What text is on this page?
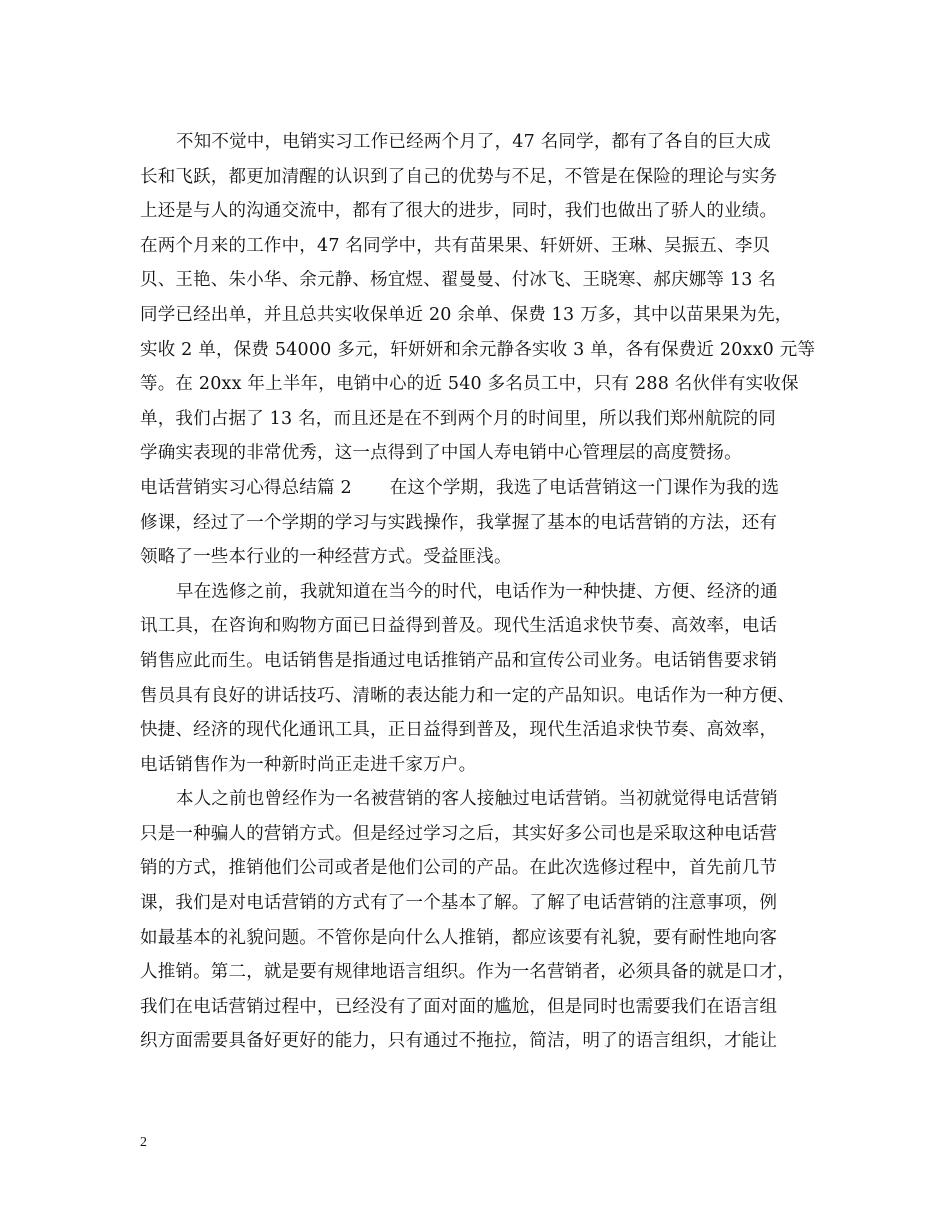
不知不觉中，电销实习工作已经两个月了，47 名同学，都有了各自的巨大成
长和飞跃，都更加清醒的认识到了自己的优势与不足，不管是在保险的理论与实务
上还是与人的沟通交流中，都有了很大的进步，同时，我们也做出了骄人的业绩。
在两个月来的工作中，47 名同学中，共有苗果果、轩妍妍、王琳、吴振五、李贝
贝、王艳、朱小华、余元静、杨宜煜、翟曼曼、付冰飞、王晓寒、郝庆娜等 13 名
同学已经出单，并且总共实收保单近 20 余单、保费 13 万多，其中以苗果果为先，
实收 2 单，保费 54000 多元，轩妍妍和余元静各实收 3 单，各有保费近 20xx0 元等
等。在 20xx 年上半年，电销中心的近 540 多名员工中，只有 288 名伙伴有实收保
单，我们占据了 13 名，而且还是在不到两个月的时间里，所以我们郑州航院的同
学确实表现的非常优秀，这一点得到了中国人寿电销中心管理层的高度赞扬。
电话营销实习心得总结篇 2 在这个学期，我选了电话营销这一门课作为我的选
修课，经过了一个学期的学习与实践操作，我掌握了基本的电话营销的方法，还有
领略了一些本行业的一种经营方式。受益匪浅。
早在选修之前，我就知道在当今的时代，电话作为一种快捷、方便、经济的通
讯工具，在咨询和购物方面已日益得到普及。现代生活追求快节奏、高效率，电话
销售应此而生。电话销售是指通过电话推销产品和宣传公司业务。电话销售要求销
售员具有良好的讲话技巧、清晰的表达能力和一定的产品知识。电话作为一种方便、
快捷、经济的现代化通讯工具，正日益得到普及，现代生活追求快节奏、高效率，
电话销售作为一种新时尚正走进千家万户。
本人之前也曾经作为一名被营销的客人接触过电话营销。当初就觉得电话营销
只是一种骗人的营销方式。但是经过学习之后，其实好多公司也是采取这种电话营
销的方式，推销他们公司或者是他们公司的产品。在此次选修过程中，首先前几节
课，我们是对电话营销的方式有了一个基本了解。了解了电话营销的注意事项，例
如最基本的礼貌问题。不管你是向什么人推销，都应该要有礼貌，要有耐性地向客
人推销。第二，就是要有规律地语言组织。作为一名营销者，必须具备的就是口才，
我们在电话营销过程中，已经没有了面对面的尴尬，但是同时也需要我们在语言组
织方面需要具备好更好的能力，只有通过不拖拉，简洁，明了的语言组织，才能让
2
